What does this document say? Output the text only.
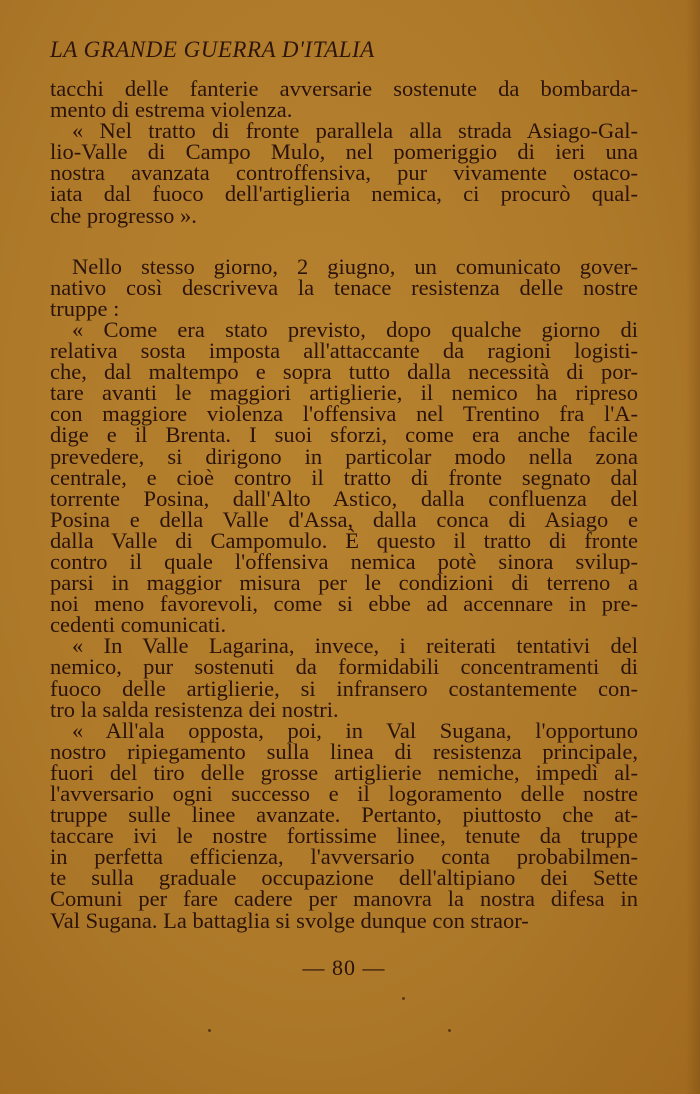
LA GRANDE GUERRA D'ITALIA
tacchi delle fanterie avversarie sostenute da bombarda-
mento di estrema violenza.
« Nel tratto di fronte parallela alla strada Asiago-Gal-
lio-Valle di Campo Mulo, nel pomeriggio di ieri una
nostra avanzata controffensiva, pur vivamente ostaco-
iata dal fuoco dell'artiglieria nemica, ci procurò qual-
che progresso ».
Nello stesso giorno, 2 giugno, un comunicato gover-
nativo così descriveva la tenace resistenza delle nostre
truppe :
« Come era stato previsto, dopo qualche giorno di
relativa sosta imposta all'attaccante da ragioni logisti-
che, dal maltempo e sopra tutto dalla necessità di por-
tare avanti le maggiori artiglierie, il nemico ha ripreso
con maggiore violenza l'offensiva nel Trentino fra l'A-
dige e il Brenta. I suoi sforzi, come era anche facile
prevedere, si dirigono in particolar modo nella zona
centrale, e cioè contro il tratto di fronte segnato dal
torrente Posina, dall'Alto Astico, dalla confluenza del
Posina e della Valle d'Assa, dalla conca di Asiago e
dalla Valle di Campomulo. È questo il tratto di fronte
contro il quale l'offensiva nemica potè sinora svilup-
parsi in maggior misura per le condizioni di terreno a
noi meno favorevoli, come si ebbe ad accennare in pre-
cedenti comunicati.
« In Valle Lagarina, invece, i reiterati tentativi del
nemico, pur sostenuti da formidabili concentramenti di
fuoco delle artiglierie, si infransero costantemente con-
tro la salda resistenza dei nostri.
« All'ala opposta, poi, in Val Sugana, l'opportuno
nostro ripiegamento sulla linea di resistenza principale,
fuori del tiro delle grosse artiglierie nemiche, impedì al-
l'avversario ogni successo e il logoramento delle nostre
truppe sulle linee avanzate. Pertanto, piuttosto che at-
taccare ivi le nostre fortissime linee, tenute da truppe
in perfetta efficienza, l'avversario conta probabilmen-
te sulla graduale occupazione dell'altipiano dei Sette
Comuni per fare cadere per manovra la nostra difesa in
Val Sugana. La battaglia si svolge dunque con straor-
— 80 —
